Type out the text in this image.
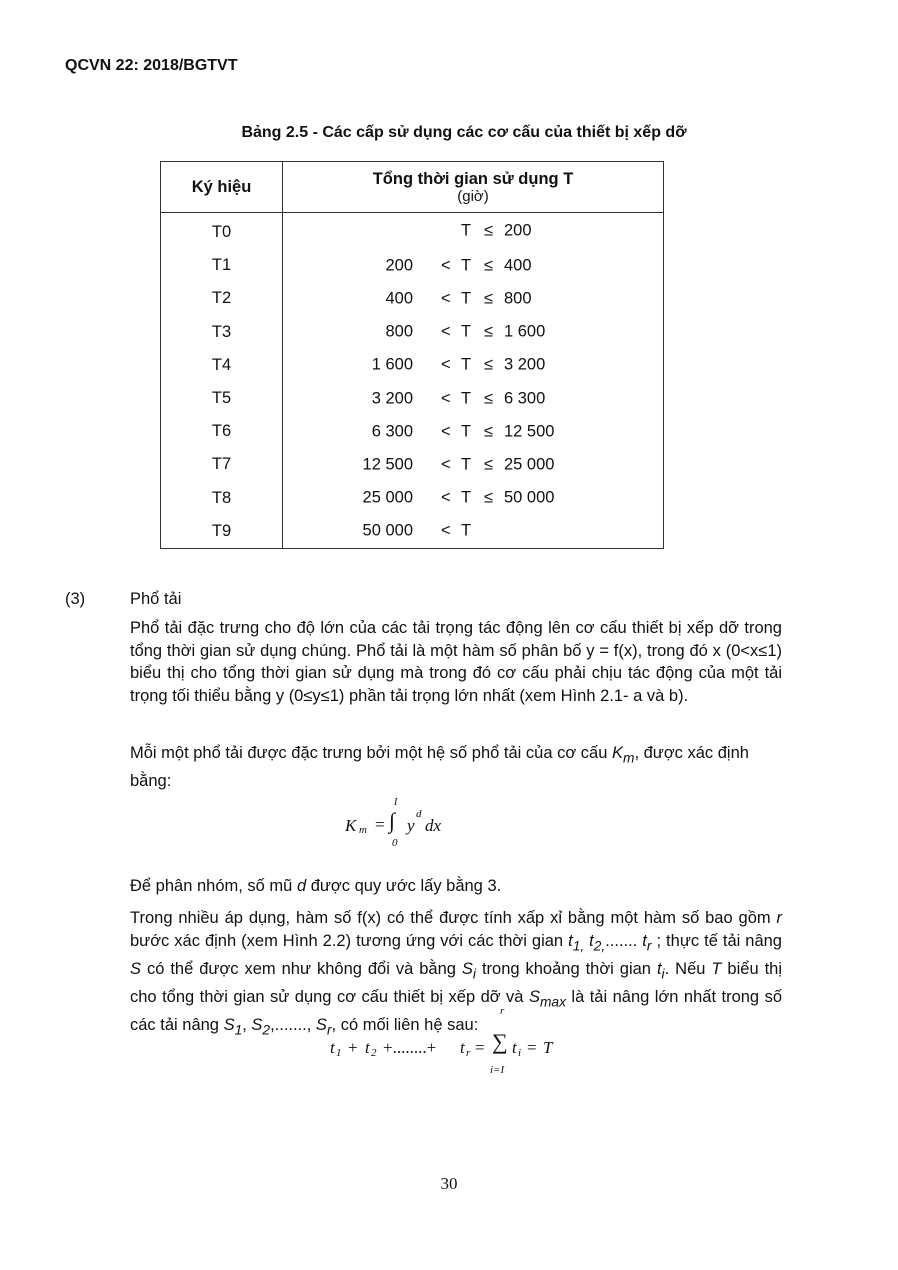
QCVN 22: 2018/BGTVT
Bảng 2.5 - Các cấp sử dụng các cơ cấu của thiết bị xếp dỡ
Ký hiệu	Tổng thời gian sử dụng T
(giờ)

T0	T ≤ 200

T1	200 < T ≤ 400

T2	400 < T ≤ 800

T3	800 < T ≤ 1 600

T4	1 600 < T ≤ 3 200

T5	3 200 < T ≤ 6 300

T6	6 300 < T ≤ 12 500

T7	12 500 < T ≤ 25 000

T8	25 000 < T ≤ 50 000

T9	50 000 < T
(3)	Phổ tải

Phổ tải đặc trưng cho độ lớn của các tải trọng tác động lên cơ cấu thiết bị xếp dỡ trong tổng thời gian sử dụng chúng. Phổ tải là một hàm số phân bố y = f(x), trong đó x (0<x≤1) biểu thị cho tổng thời gian sử dụng mà trong đó cơ cấu phải chịu tác động của một tải trọng tối thiểu bằng y (0≤y≤1) phần tải trọng lớn nhất (xem Hình 2.1- a và b).

Mỗi một phổ tải được đặc trưng bởi một hệ số phổ tải của cơ cấu $K_m$, được xác định bằng:

K m =
I
∫
0
y
d
dx

Để phân nhóm, số mũ d được quy ước lấy bằng 3.

Trong nhiều áp dụng, hàm số f(x) có thể được tính xấp xỉ bằng một hàm số bao gồm r bước xác định (xem Hình 2.2) tương ứng với các thời gian $t_{1,}$ $t_{2,}$....... $t_r$ ; thực tế tải nâng S có thể được xem như không đổi và bằng $S_i$ trong khoảng thời gian $t_i$. Nếu T biểu thị cho tổng thời gian sử dụng cơ cấu thiết bị xếp dỡ và $S_{max}$ là tải nâng lớn nhất trong số các tải nâng $S_1$, $S_2$,......., $S_r$, có mối liên hệ sau:

t 1 + t 2 +........+ t r =
r
∑
i=I
t i = T
30
